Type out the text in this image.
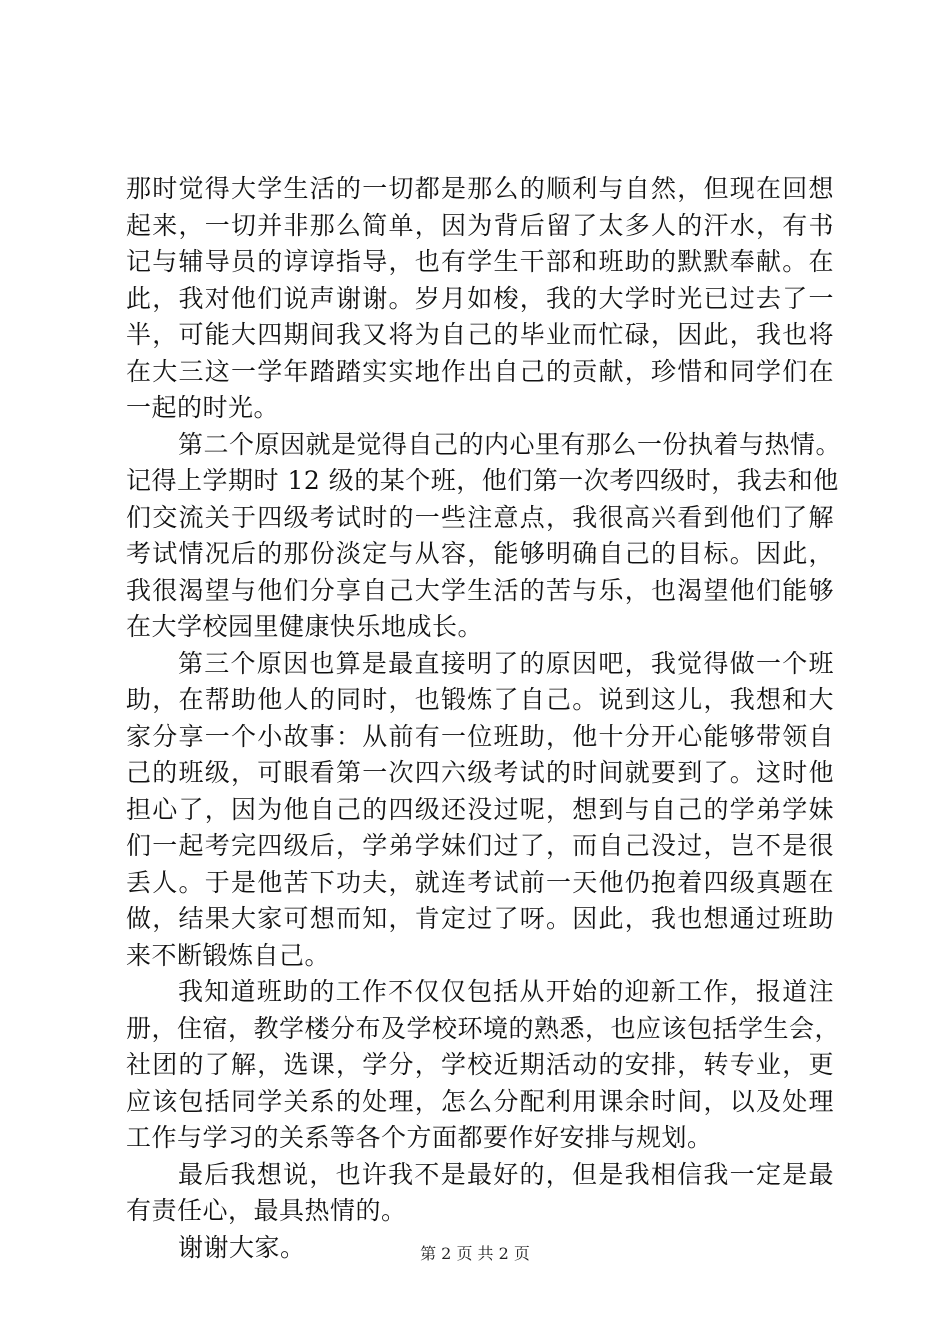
那时觉得大学生活的一切都是那么的顺利与自然，但现在回想
起来，一切并非那么简单，因为背后留了太多人的汗水，有书
记与辅导员的谆谆指导，也有学生干部和班助的默默奉献。在
此，我对他们说声谢谢。岁月如梭，我的大学时光已过去了一
半，可能大四期间我又将为自己的毕业而忙碌，因此，我也将
在大三这一学年踏踏实实地作出自己的贡献，珍惜和同学们在
一起的时光。
第二个原因就是觉得自己的内心里有那么一份执着与热情。
记得上学期时 12 级的某个班，他们第一次考四级时，我去和他
们交流关于四级考试时的一些注意点，我很高兴看到他们了解
考试情况后的那份淡定与从容，能够明确自己的目标。因此，
我很渴望与他们分享自己大学生活的苦与乐，也渴望他们能够
在大学校园里健康快乐地成长。
第三个原因也算是最直接明了的原因吧，我觉得做一个班
助，在帮助他人的同时，也锻炼了自己。说到这儿，我想和大
家分享一个小故事：从前有一位班助，他十分开心能够带领自
己的班级，可眼看第一次四六级考试的时间就要到了。这时他
担心了，因为他自己的四级还没过呢，想到与自己的学弟学妹
们一起考完四级后，学弟学妹们过了，而自己没过，岂不是很
丢人。于是他苦下功夫，就连考试前一天他仍抱着四级真题在
做，结果大家可想而知，肯定过了呀。因此，我也想通过班助
来不断锻炼自己。
我知道班助的工作不仅仅包括从开始的迎新工作，报道注
册，住宿，教学楼分布及学校环境的熟悉，也应该包括学生会，
社团的了解，选课，学分，学校近期活动的安排，转专业，更
应该包括同学关系的处理，怎么分配利用课余时间，以及处理
工作与学习的关系等各个方面都要作好安排与规划。
最后我想说，也许我不是最好的，但是我相信我一定是最
有责任心，最具热情的。
谢谢大家。	第 2 页 共 2 页
